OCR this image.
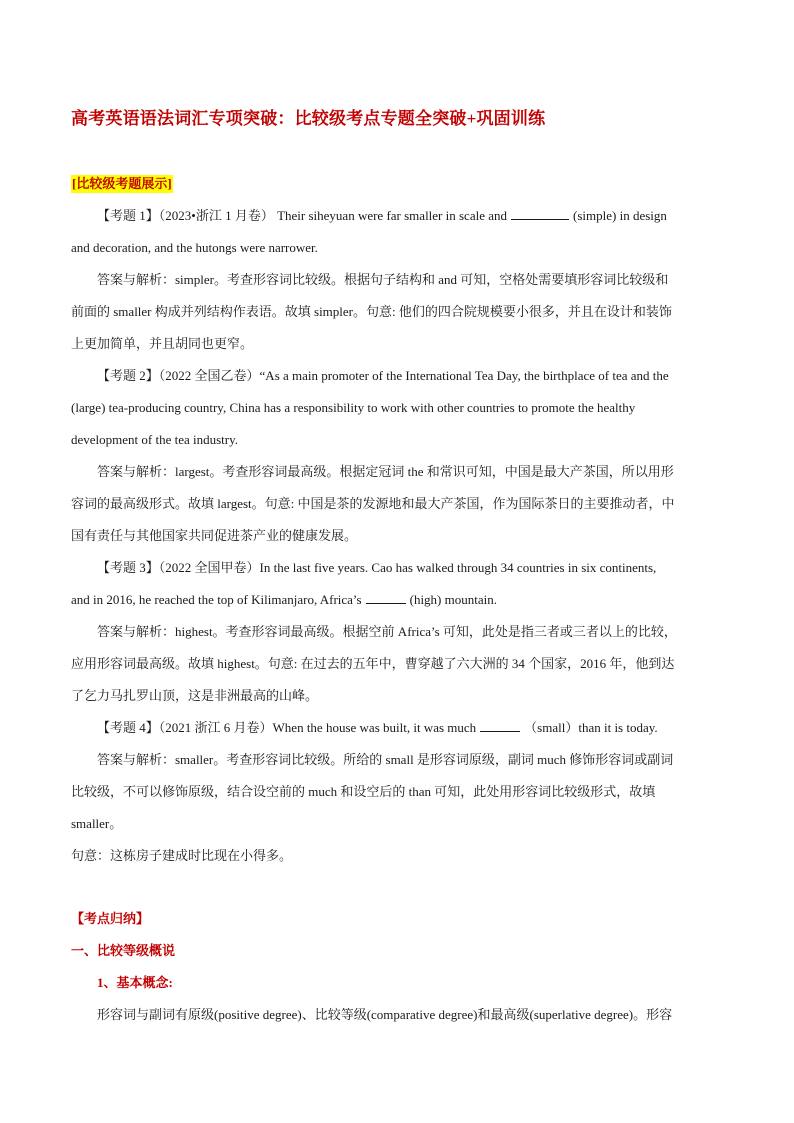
高考英语语法词汇专项突破：比较级考点专题全突破+巩固训练
[比较级考题展示]

【考题 1】（2023•浙江 1 月卷） Their siheyuan were far smaller in scale and	(simple) in design

and decoration, and the hutongs were narrower.

答案与解析：simpler。考查形容词比较级。根据句子结构和 and 可知，空格处需要填形容词比较级和

前面的 smaller 构成并列结构作表语。故填 simpler。句意: 他们的四合院规模要小很多，并且在设计和装饰

上更加简单，并且胡同也更窄。

【考题 2】（2022 全国乙卷）“As a main promoter of the International Tea Day, the birthplace of tea and the

(large) tea-producing country, China has a responsibility to work with other countries to promote the healthy

development of the tea industry.

答案与解析：largest。考查形容词最高级。根据定冠词 the 和常识可知，中国是最大产茶国，所以用形

容词的最高级形式。故填 largest。句意: 中国是茶的发源地和最大产茶国，作为国际茶日的主要推动者，中

国有责任与其他国家共同促进茶产业的健康发展。

【考题 3】（2022 全国甲卷）In the last five years. Cao has walked through 34 countries in six continents,

and in 2016, he reached the top of Kilimanjaro, Africa’s	(high) mountain.

答案与解析：highest。考查形容词最高级。根据空前 Africa’s 可知，此处是指三者或三者以上的比较，

应用形容词最高级。故填 highest。句意: 在过去的五年中，曹穿越了六大洲的 34 个国家，2016 年，他到达

了乞力马扎罗山顶，这是非洲最高的山峰。

【考题 4】（2021 浙江 6 月卷）When the house was built, it was much	（small）than it is today.

答案与解析：smaller。考查形容词比较级。所给的 small 是形容词原级，副词 much 修饰形容词或副词

比较级，不可以修饰原级，结合设空前的 much 和设空后的 than 可知，此处用形容词比较级形式，故填

smaller。

句意：这栋房子建成时比现在小得多。

【考点归纳】

一、比较等级概说

1、基本概念:

形容词与副词有原级(positive degree)、比较等级(comparative degree)和最高级(superlative degree)。形容
